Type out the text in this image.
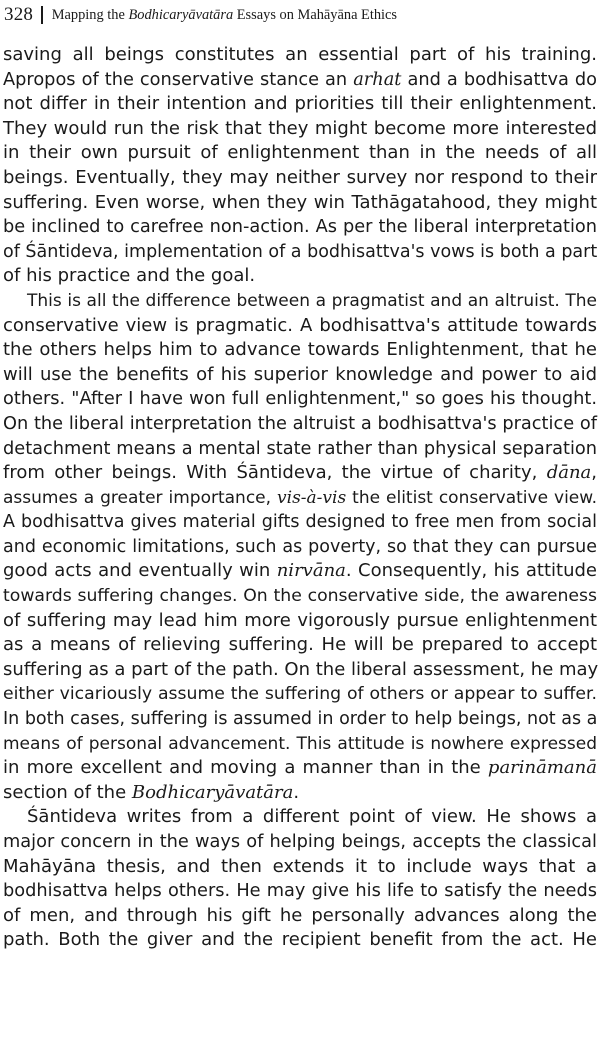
328 Mapping the Bodhicaryāvatāra Essays on Mahāyāna Ethics
saving all beings constitutes an essential part of his training.
Apropos of the conservative stance an arhat and a bodhisattva do
not differ in their intention and priorities till their enlightenment.
They would run the risk that they might become more interested
in their own pursuit of enlightenment than in the needs of all
beings. Eventually, they may neither survey nor respond to their
suffering. Even worse, when they win Tathāgatahood, they might
be inclined to carefree non-action. As per the liberal interpretation
of Śāntideva, implementation of a bodhisattva's vows is both a part
of his practice and the goal.
This is all the difference between a pragmatist and an altruist. The
conservative view is pragmatic. A bodhisattva's attitude towards
the others helps him to advance towards Enlightenment, that he
will use the benefits of his superior knowledge and power to aid
others. "After I have won full enlightenment," so goes his thought.
On the liberal interpretation the altruist a bodhisattva's practice of
detachment means a mental state rather than physical separation
from other beings. With Śāntideva, the virtue of charity, dāna,
assumes a greater importance, vis-à-vis the elitist conservative view.
A bodhisattva gives material gifts designed to free men from social
and economic limitations, such as poverty, so that they can pursue
good acts and eventually win nirvāna. Consequently, his attitude
towards suffering changes. On the conservative side, the awareness
of suffering may lead him more vigorously pursue enlightenment
as a means of relieving suffering. He will be prepared to accept
suffering as a part of the path. On the liberal assessment, he may
either vicariously assume the suffering of others or appear to suffer.
In both cases, suffering is assumed in order to help beings, not as a
means of personal advancement. This attitude is nowhere expressed
in more excellent and moving a manner than in the parināmanā
section of the Bodhicaryāvatāra.
Śāntideva writes from a different point of view. He shows a
major concern in the ways of helping beings, accepts the classical
Mahāyāna thesis, and then extends it to include ways that a
bodhisattva helps others. He may give his life to satisfy the needs
of men, and through his gift he personally advances along the
path. Both the giver and the recipient benefit from the act. He
